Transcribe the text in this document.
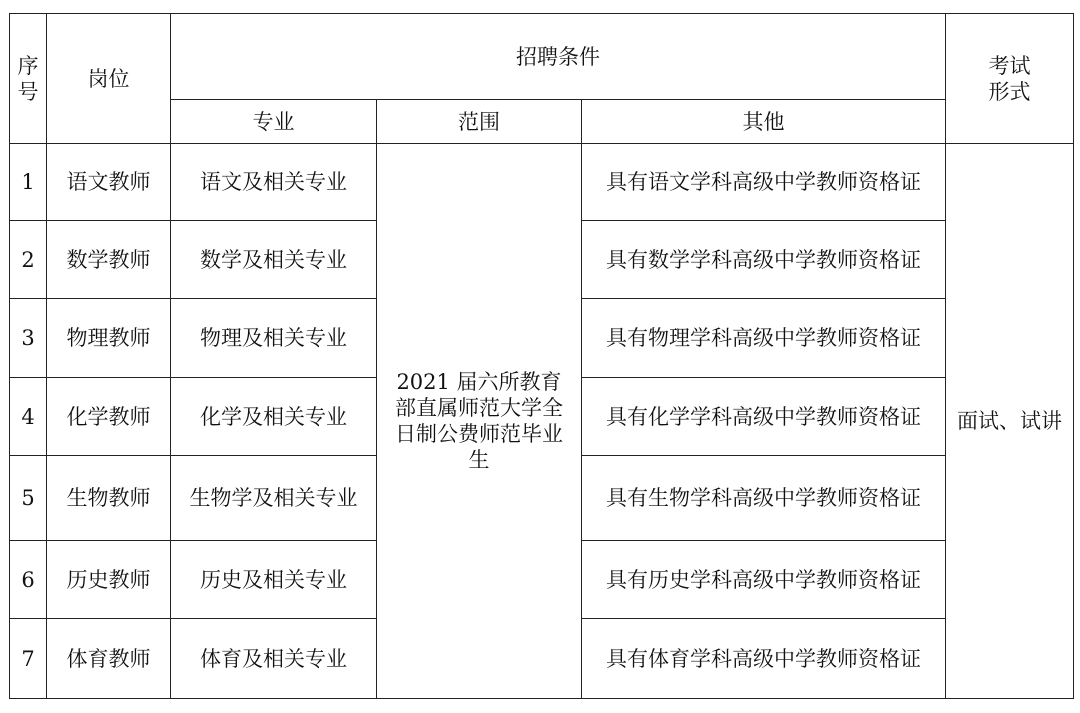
序号	岗位	招聘条件			考试形式
		专业	范围	其他	
1	语文教师	语文及相关专业	2021 届六所教育部直属师范大学全日制公费师范毕业生	具有语文学科高级中学教师资格证	面试、试讲
2	数学教师	数学及相关专业		具有数学学科高级中学教师资格证	
3	物理教师	物理及相关专业		具有物理学科高级中学教师资格证	
4	化学教师	化学及相关专业		具有化学学科高级中学教师资格证	
5	生物教师	生物学及相关专业		具有生物学科高级中学教师资格证	
6	历史教师	历史及相关专业		具有历史学科高级中学教师资格证	
7	体育教师	体育及相关专业		具有体育学科高级中学教师资格证	
